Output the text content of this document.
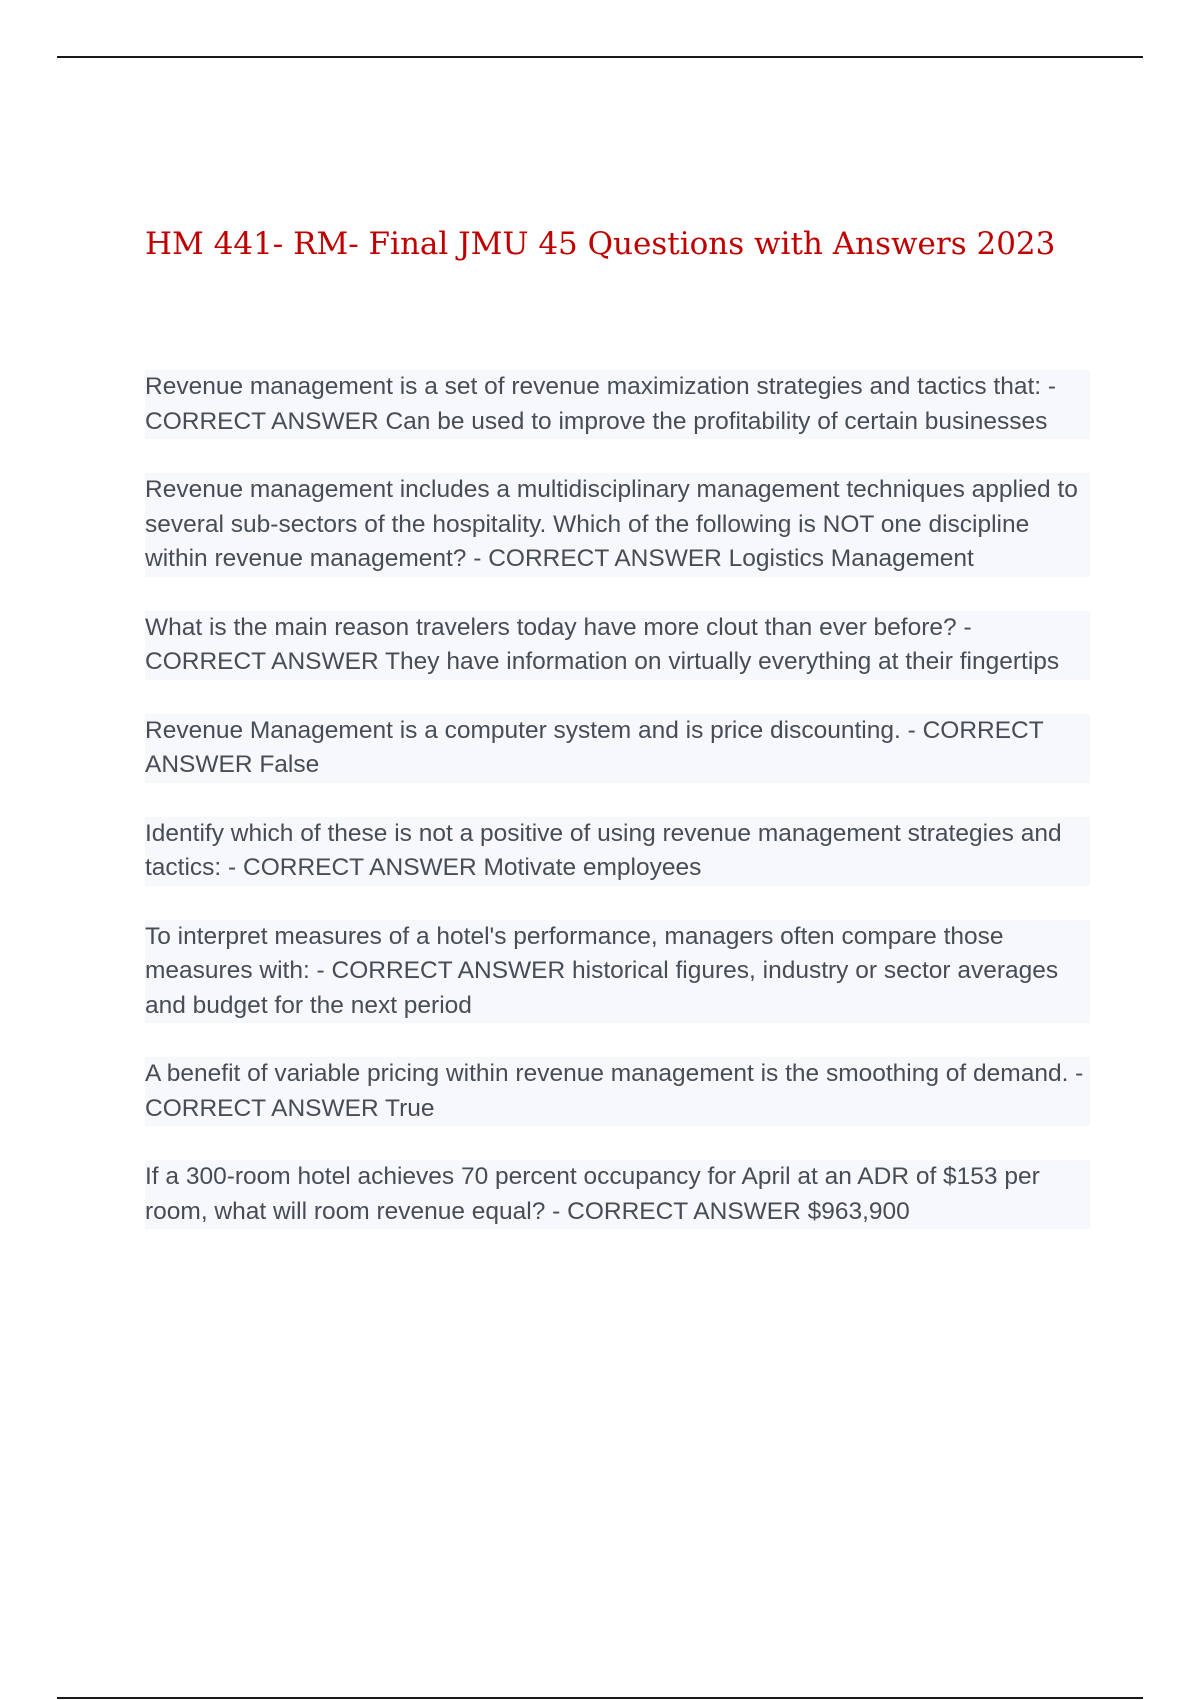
HM 441- RM- Final JMU 45 Questions with Answers 2023

Revenue management is a set of revenue maximization strategies and tactics that: - CORRECT ANSWER Can be used to improve the profitability of certain businesses

Revenue management includes a multidisciplinary management techniques applied to several sub-sectors of the hospitality. Which of the following is NOT one discipline within revenue management? - CORRECT ANSWER Logistics Management

What is the main reason travelers today have more clout than ever before? - CORRECT ANSWER They have information on virtually everything at their fingertips

Revenue Management is a computer system and is price discounting. - CORRECT ANSWER False

Identify which of these is not a positive of using revenue management strategies and tactics: - CORRECT ANSWER Motivate employees

To interpret measures of a hotel's performance, managers often compare those measures with: - CORRECT ANSWER historical figures, industry or sector averages and budget for the next period

A benefit of variable pricing within revenue management is the smoothing of demand. - CORRECT ANSWER True

If a 300-room hotel achieves 70 percent occupancy for April at an ADR of $153 per room, what will room revenue equal? - CORRECT ANSWER $963,900
